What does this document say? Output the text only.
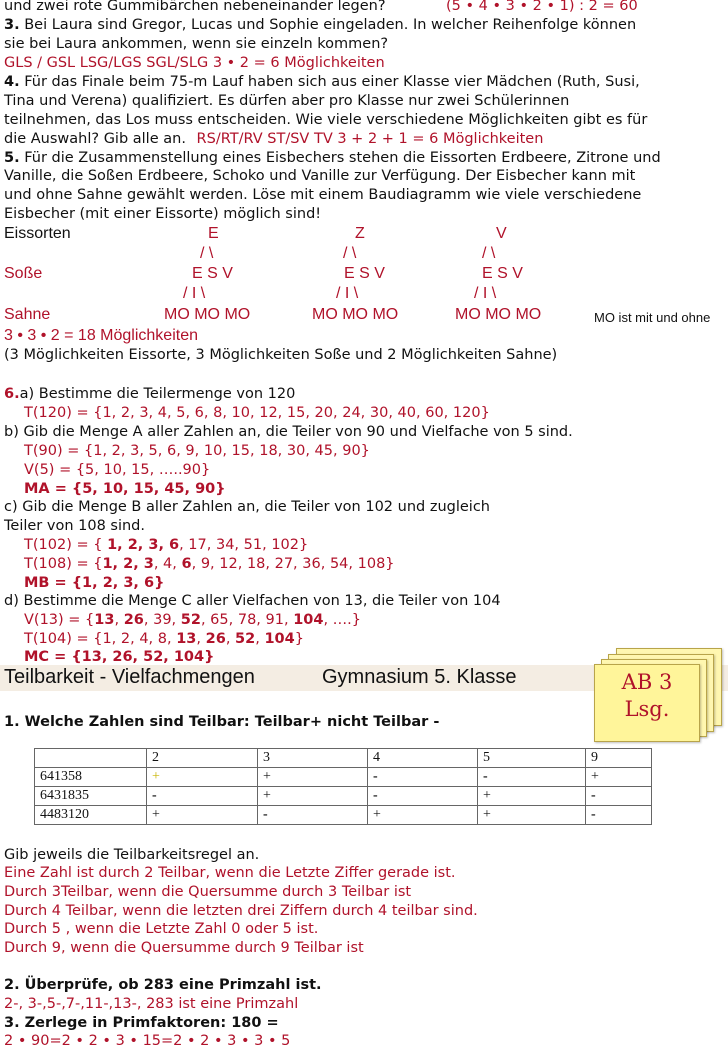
und zwei rote Gummibärchen nebeneinander legen?	(5 • 4 • 3 • 2 • 1) : 2 = 60
3. Bei Laura sind Gregor, Lucas und Sophie eingeladen. In welcher Reihenfolge können
sie bei Laura ankommen, wenn sie einzeln kommen?
GLS / GSL LSG/LGS SGL/SLG 3 • 2 = 6 Möglichkeiten
4. Für das Finale beim 75-m Lauf haben sich aus einer Klasse vier Mädchen (Ruth, Susi,
Tina und Verena) qualifiziert. Es dürfen aber pro Klasse nur zwei Schülerinnen
teilnehmen, das Los muss entscheiden. Wie viele verschiedene Möglichkeiten gibt es für
die Auswahl? Gib alle an. RS/RT/RV ST/SV TV 3 + 2 + 1 = 6 Möglichkeiten
5. Für die Zusammenstellung eines Eisbechers stehen die Eissorten Erdbeere, Zitrone und
Vanille, die Soßen Erdbeere, Schoko und Vanille zur Verfügung. Der Eisbecher kann mit
und ohne Sahne gewählt werden. Löse mit einem Baudiagramm wie viele verschiedene
Eisbecher (mit einer Eissorte) möglich sind!
Eissorten	E	Z	V
/ \	/ \	/ \
Soße	E S V	E S V	E S V
/ I \	/ I \	/ I \
Sahne	MO MO MO	MO MO MO	MO MO MO	MO ist mit und ohne
3 • 3 • 2 = 18 Möglichkeiten
(3 Möglichkeiten Eissorte, 3 Möglichkeiten Soße und 2 Möglichkeiten Sahne)
6.a) Bestimme die Teilermenge von 120
T(120) = {1, 2, 3, 4, 5, 6, 8, 10, 12, 15, 20, 24, 30, 40, 60, 120}
b) Gib die Menge A aller Zahlen an, die Teiler von 90 und Vielfache von 5 sind.
T(90) = {1, 2, 3, 5, 6, 9, 10, 15, 18, 30, 45, 90}
V(5) = {5, 10, 15, …..90}
MA = {5, 10, 15, 45, 90}
c) Gib die Menge B aller Zahlen an, die Teiler von 102 und zugleich
Teiler von 108 sind.
T(102) = { 1, 2, 3, 6, 17, 34, 51, 102}
T(108) = {1, 2, 3, 4, 6, 9, 12, 18, 27, 36, 54, 108}
MB = {1, 2, 3, 6}
d) Bestimme die Menge C aller Vielfachen von 13, die Teiler von 104
V(13) = {13, 26, 39, 52, 65, 78, 91, 104, ….}
T(104) = {1, 2, 4, 8, 13, 26, 52, 104}
MC = {13, 26, 52, 104}
Teilbarkeit - Vielfachmengen	Gymnasium 5. Klasse	AB 3
Lsg.
1. Welche Zahlen sind Teilbar: Teilbar+ nicht Teilbar -
	2	3	4	5	9
641358	+	+	-	-	+
6431835	-	+	-	+	-
4483120	+	-	+	+	-
Gib jeweils die Teilbarkeitsregel an.
Eine Zahl ist durch 2 Teilbar, wenn die Letzte Ziffer gerade ist.
Durch 3Teilbar, wenn die Quersumme durch 3 Teilbar ist
Durch 4 Teilbar, wenn die letzten drei Ziffern durch 4 teilbar sind.
Durch 5 , wenn die Letzte Zahl 0 oder 5 ist.
Durch 9, wenn die Quersumme durch 9 Teilbar ist
2. Überprüfe, ob 283 eine Primzahl ist.
2-, 3-,5-,7-,11-,13-, 283 ist eine Primzahl
3. Zerlege in Primfaktoren: 180 =
2 • 90=2 • 2 • 3 • 15=2 • 2 • 3 • 3 • 5
